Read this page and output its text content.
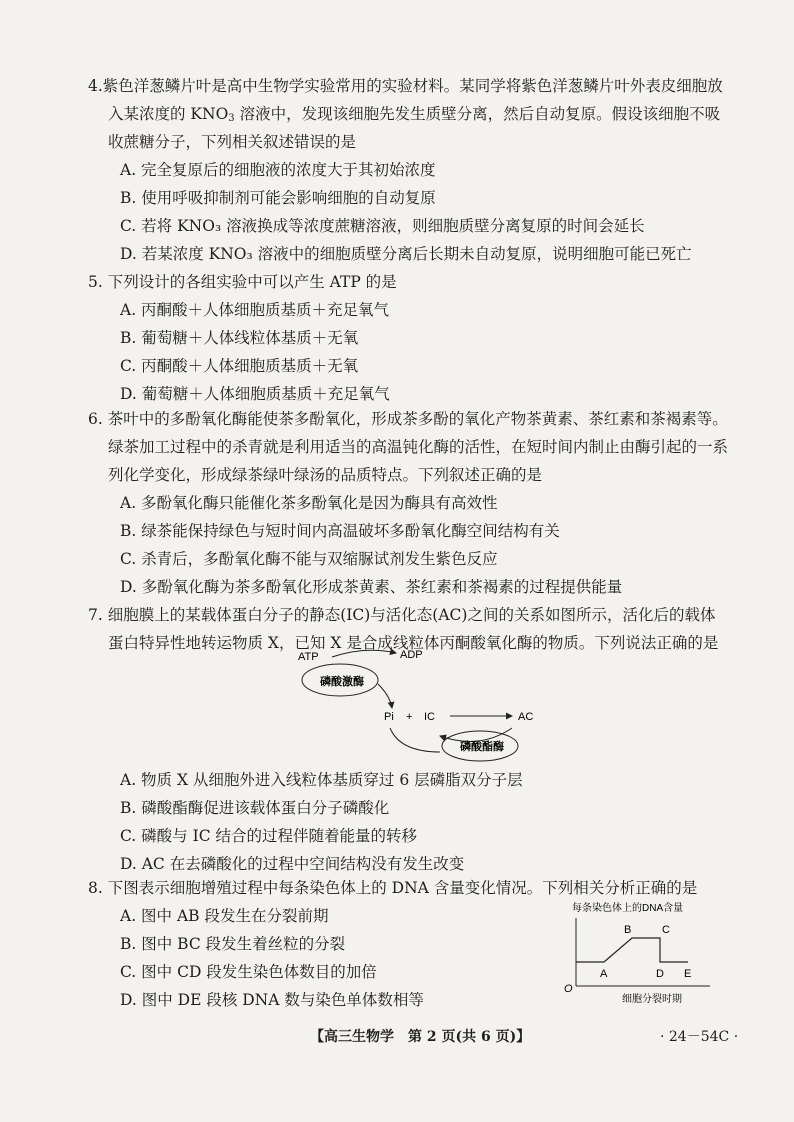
4.紫色洋葱鳞片叶是高中生物学实验常用的实验材料。某同学将紫色洋葱鳞片叶外表皮细胞放入某浓度的 $KNO_3$ 溶液中，发现该细胞先发生质壁分离，然后自动复原。假设该细胞不吸收蔗糖分子，下列相关叙述错误的是

A. 完全复原后的细胞液的浓度大于其初始浓度

B. 使用呼吸抑制剂可能会影响细胞的自动复原

C. 若将 KNO₃ 溶液换成等浓度蔗糖溶液，则细胞质壁分离复原的时间会延长

D. 若某浓度 KNO₃ 溶液中的细胞质壁分离后长期未自动复原，说明细胞可能已死亡

5. 下列设计的各组实验中可以产生 ATP 的是

A. 丙酮酸＋人体细胞质基质＋充足氧气

B. 葡萄糖＋人体线粒体基质＋无氧

C. 丙酮酸＋人体细胞质基质＋无氧

D. 葡萄糖＋人体细胞质基质＋充足氧气

6. 茶叶中的多酚氧化酶能使茶多酚氧化，形成茶多酚的氧化产物茶黄素、茶红素和茶褐素等。绿茶加工过程中的杀青就是利用适当的高温钝化酶的活性，在短时间内制止由酶引起的一系列化学变化，形成绿茶绿叶绿汤的品质特点。下列叙述正确的是

A. 多酚氧化酶只能催化茶多酚氧化是因为酶具有高效性

B. 绿茶能保持绿色与短时间内高温破坏多酚氧化酶空间结构有关

C. 杀青后，多酚氧化酶不能与双缩脲试剂发生紫色反应

D. 多酚氧化酶为茶多酚氧化形成茶黄素、茶红素和茶褐素的过程提供能量

7. 细胞膜上的某载体蛋白分子的静态(IC)与活化态(AC)之间的关系如图所示，活化后的载体蛋白特异性地转运物质 X，已知 X 是合成线粒体丙酮酸氧化酶的物质。下列说法正确的是

ATP	ADP
磷酸激酶
Pi + IC	AC
磷酸酯酶

A. 物质 X 从细胞外进入线粒体基质穿过 6 层磷脂双分子层

B. 磷酸酯酶促进该载体蛋白分子磷酸化

C. 磷酸与 IC 结合的过程伴随着能量的转移

D. AC 在去磷酸化的过程中空间结构没有发生改变

8. 下图表示细胞增殖过程中每条染色体上的 DNA 含量变化情况。下列相关分析正确的是

A. 图中 AB 段发生在分裂前期

B. 图中 BC 段发生着丝粒的分裂

C. 图中 CD 段发生染色体数目的加倍

D. 图中 DE 段核 DNA 数与染色单体数相等

每条染色体上的DNA含量
O
A
B	C
D E
细胞分裂时期
【高三生物学　第 2 页(共 6 页)】	· 24－54C ·
